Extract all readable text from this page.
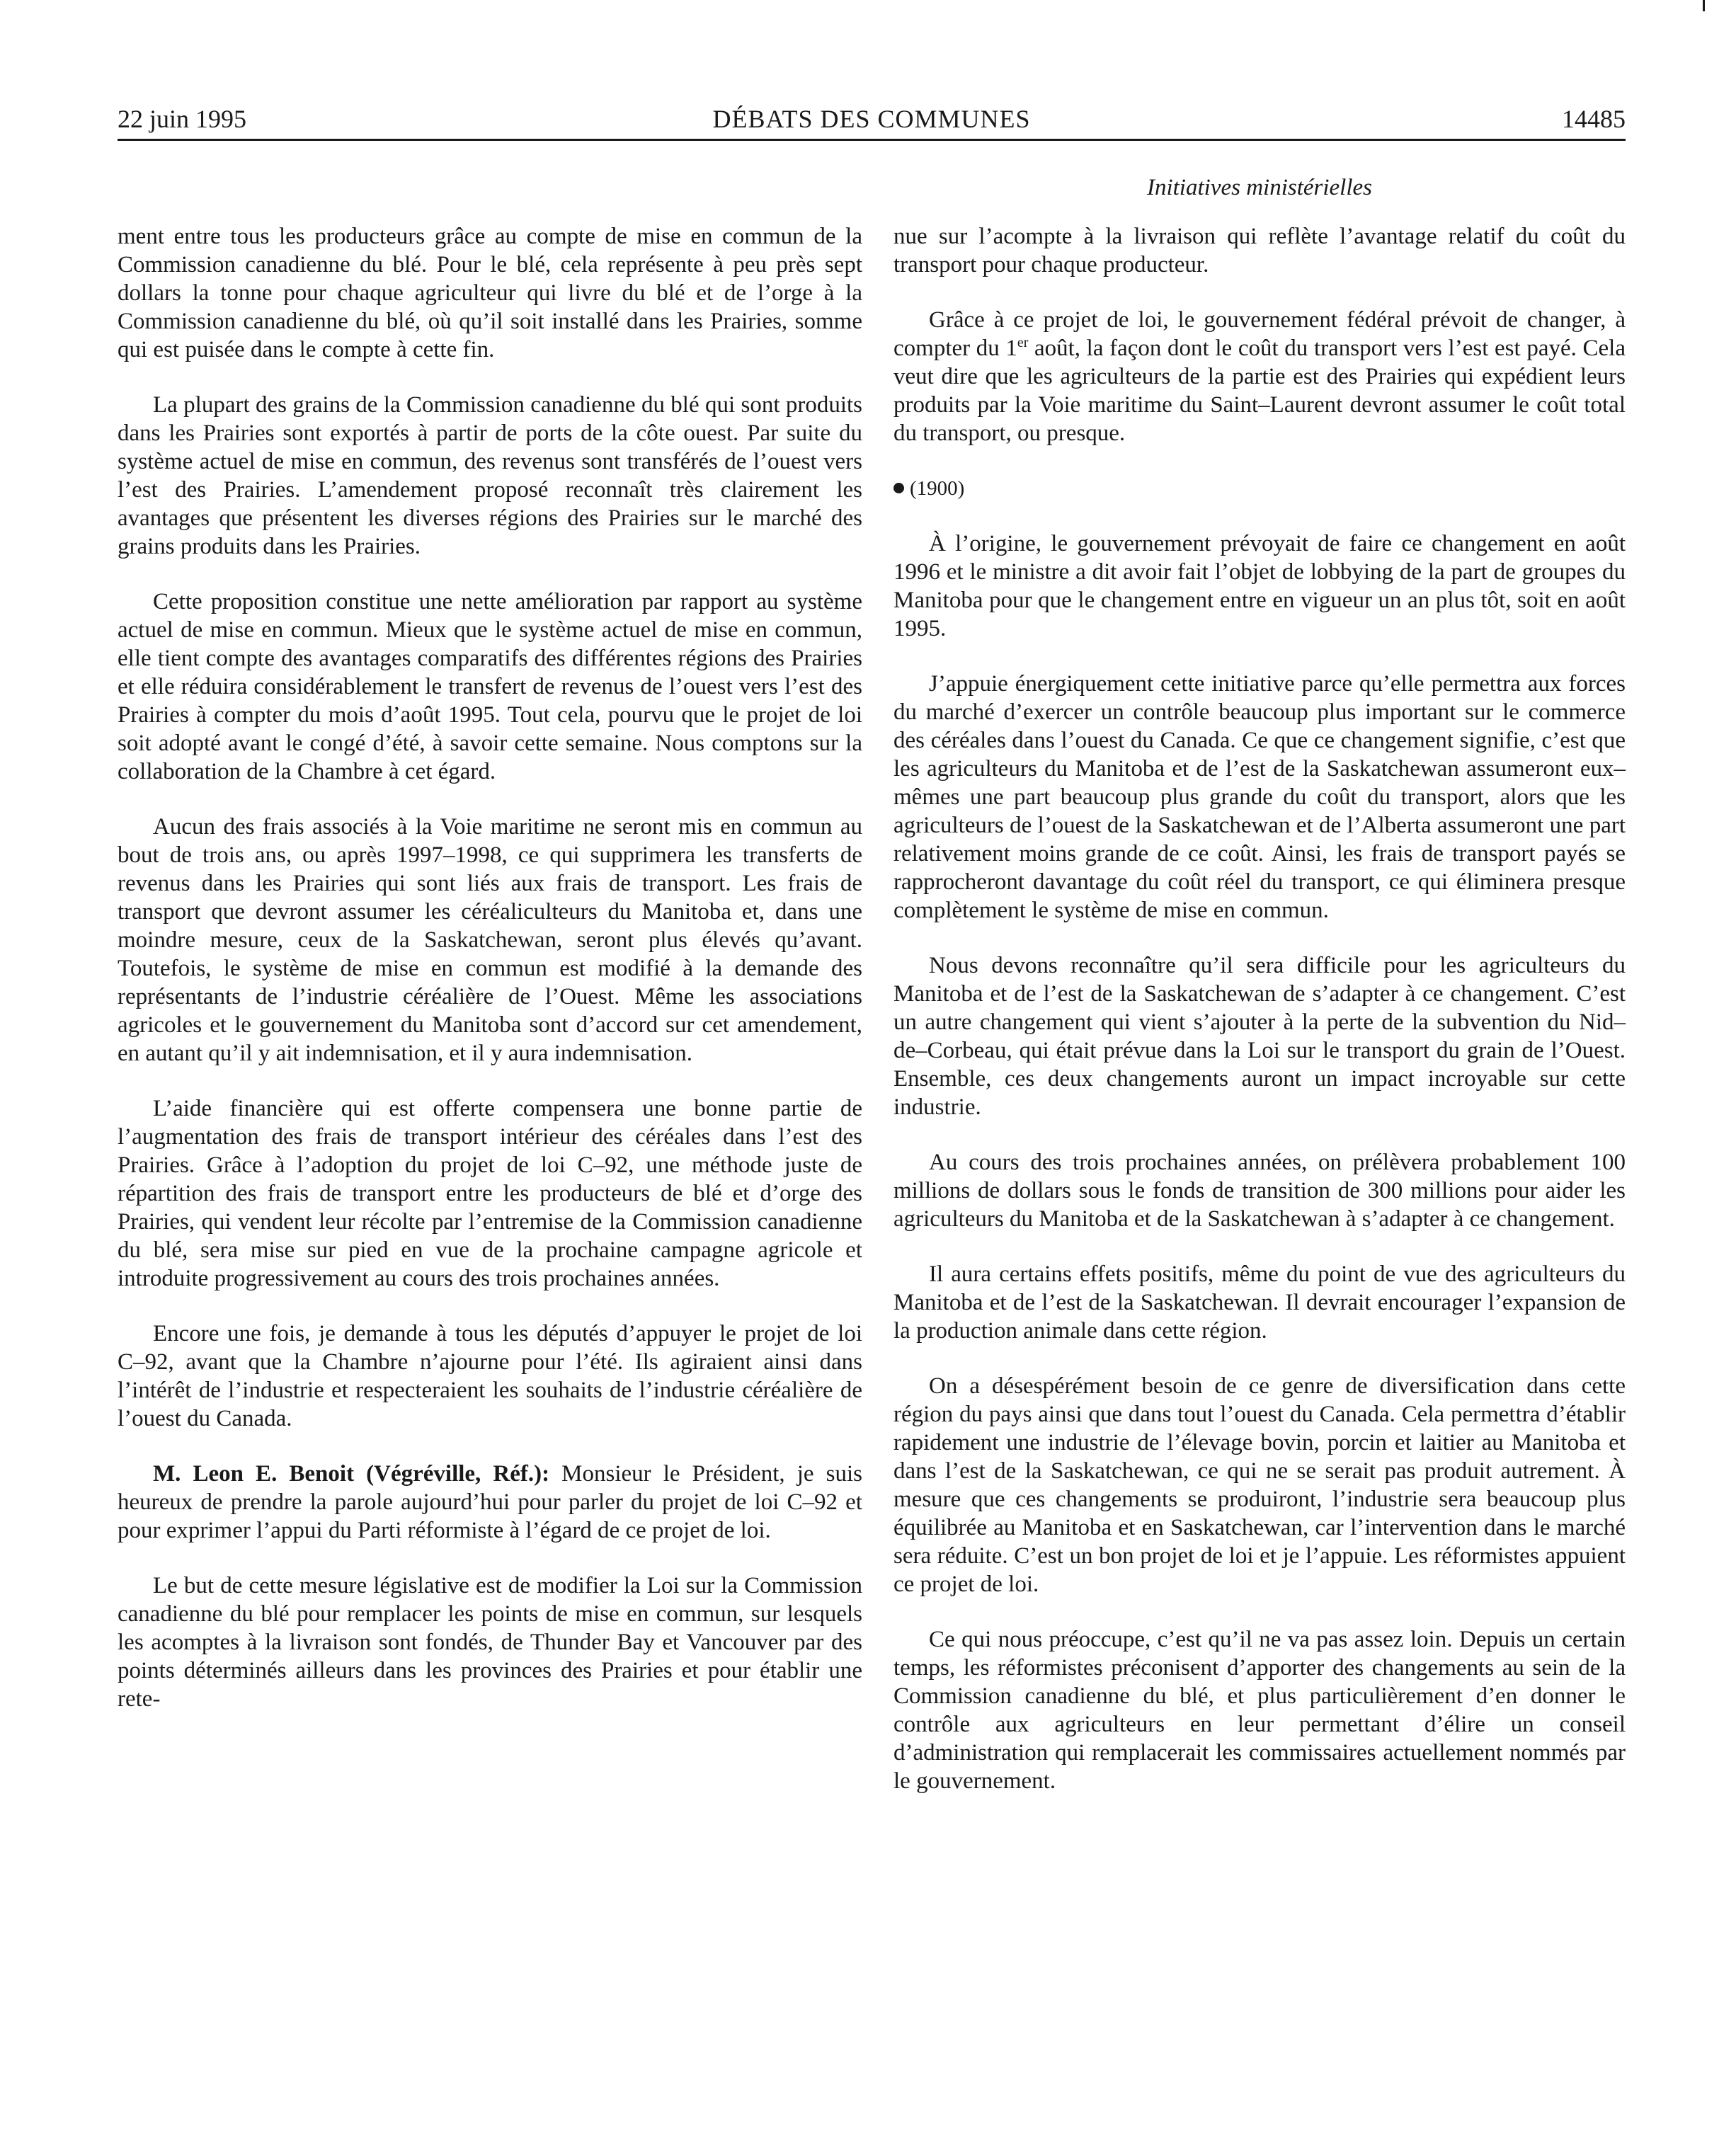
22 juin 1995	DÉBATS DES COMMUNES	14485
Initiatives ministérielles

ment entre tous les producteurs grâce au compte de mise en commun de la Commission canadienne du blé. Pour le blé, cela représente à peu près sept dollars la tonne pour chaque agriculteur qui livre du blé et de l’orge à la Commission canadienne du blé, où qu’il soit installé dans les Prairies, somme qui est puisée dans le compte à cette fin.

La plupart des grains de la Commission canadienne du blé qui sont produits dans les Prairies sont exportés à partir de ports de la côte ouest. Par suite du système actuel de mise en commun, des revenus sont transférés de l’ouest vers l’est des Prairies. L’amendement proposé reconnaît très clairement les avantages que présentent les diverses régions des Prairies sur le marché des grains produits dans les Prairies.

Cette proposition constitue une nette amélioration par rapport au système actuel de mise en commun. Mieux que le système actuel de mise en commun, elle tient compte des avantages comparatifs des différentes régions des Prairies et elle réduira considérablement le transfert de revenus de l’ouest vers l’est des Prairies à compter du mois d’août 1995. Tout cela, pourvu que le projet de loi soit adopté avant le congé d’été, à savoir cette semaine. Nous comptons sur la collaboration de la Chambre à cet égard.

Aucun des frais associés à la Voie maritime ne seront mis en commun au bout de trois ans, ou après 1997–1998, ce qui supprimera les transferts de revenus dans les Prairies qui sont liés aux frais de transport. Les frais de transport que devront assumer les céréaliculteurs du Manitoba et, dans une moindre mesure, ceux de la Saskatchewan, seront plus élevés qu’avant. Toutefois, le système de mise en commun est modifié à la demande des représentants de l’industrie céréalière de l’Ouest. Même les associations agricoles et le gouvernement du Manitoba sont d’accord sur cet amendement, en autant qu’il y ait indemnisation, et il y aura indemnisation.

L’aide financière qui est offerte compensera une bonne partie de l’augmentation des frais de transport intérieur des céréales dans l’est des Prairies. Grâce à l’adoption du projet de loi C–92, une méthode juste de répartition des frais de transport entre les producteurs de blé et d’orge des Prairies, qui vendent leur récolte par l’entremise de la Commission canadienne du blé, sera mise sur pied en vue de la prochaine campagne agricole et introduite progressivement au cours des trois prochaines années.

Encore une fois, je demande à tous les députés d’appuyer le projet de loi C–92, avant que la Chambre n’ajourne pour l’été. Ils agiraient ainsi dans l’intérêt de l’industrie et respecteraient les souhaits de l’industrie céréalière de l’ouest du Canada.

M. Leon E. Benoit (Végréville, Réf.): Monsieur le Président, je suis heureux de prendre la parole aujourd’hui pour parler du projet de loi C–92 et pour exprimer l’appui du Parti réformiste à l’égard de ce projet de loi.

Le but de cette mesure législative est de modifier la Loi sur la Commission canadienne du blé pour remplacer les points de mise en commun, sur lesquels les acomptes à la livraison sont fondés, de Thunder Bay et Vancouver par des points déterminés ailleurs dans les provinces des Prairies et pour établir une rete-

nue sur l’acompte à la livraison qui reflète l’avantage relatif du coût du transport pour chaque producteur.

Grâce à ce projet de loi, le gouvernement fédéral prévoit de changer, à compter du 1er août, la façon dont le coût du transport vers l’est est payé. Cela veut dire que les agriculteurs de la partie est des Prairies qui expédient leurs produits par la Voie maritime du Saint–Laurent devront assumer le coût total du transport, ou presque.

(1900)

À l’origine, le gouvernement prévoyait de faire ce changement en août 1996 et le ministre a dit avoir fait l’objet de lobbying de la part de groupes du Manitoba pour que le changement entre en vigueur un an plus tôt, soit en août 1995.

J’appuie énergiquement cette initiative parce qu’elle permettra aux forces du marché d’exercer un contrôle beaucoup plus important sur le commerce des céréales dans l’ouest du Canada. Ce que ce changement signifie, c’est que les agriculteurs du Manitoba et de l’est de la Saskatchewan assumeront eux–mêmes une part beaucoup plus grande du coût du transport, alors que les agriculteurs de l’ouest de la Saskatchewan et de l’Alberta assumeront une part relativement moins grande de ce coût. Ainsi, les frais de transport payés se rapprocheront davantage du coût réel du transport, ce qui éliminera presque complètement le système de mise en commun.

Nous devons reconnaître qu’il sera difficile pour les agriculteurs du Manitoba et de l’est de la Saskatchewan de s’adapter à ce changement. C’est un autre changement qui vient s’ajouter à la perte de la subvention du Nid–de–Corbeau, qui était prévue dans la Loi sur le transport du grain de l’Ouest. Ensemble, ces deux changements auront un impact incroyable sur cette industrie.

Au cours des trois prochaines années, on prélèvera probablement 100 millions de dollars sous le fonds de transition de 300 millions pour aider les agriculteurs du Manitoba et de la Saskatchewan à s’adapter à ce changement.

Il aura certains effets positifs, même du point de vue des agriculteurs du Manitoba et de l’est de la Saskatchewan. Il devrait encourager l’expansion de la production animale dans cette région.

On a désespérément besoin de ce genre de diversification dans cette région du pays ainsi que dans tout l’ouest du Canada. Cela permettra d’établir rapidement une industrie de l’élevage bovin, porcin et laitier au Manitoba et dans l’est de la Saskatchewan, ce qui ne se serait pas produit autrement. À mesure que ces changements se produiront, l’industrie sera beaucoup plus équilibrée au Manitoba et en Saskatchewan, car l’intervention dans le marché sera réduite. C’est un bon projet de loi et je l’appuie. Les réformistes appuient ce projet de loi.

Ce qui nous préoccupe, c’est qu’il ne va pas assez loin. Depuis un certain temps, les réformistes préconisent d’apporter des changements au sein de la Commission canadienne du blé, et plus particulièrement d’en donner le contrôle aux agriculteurs en leur permettant d’élire un conseil d’administration qui remplacerait les commissaires actuellement nommés par le gouvernement.
